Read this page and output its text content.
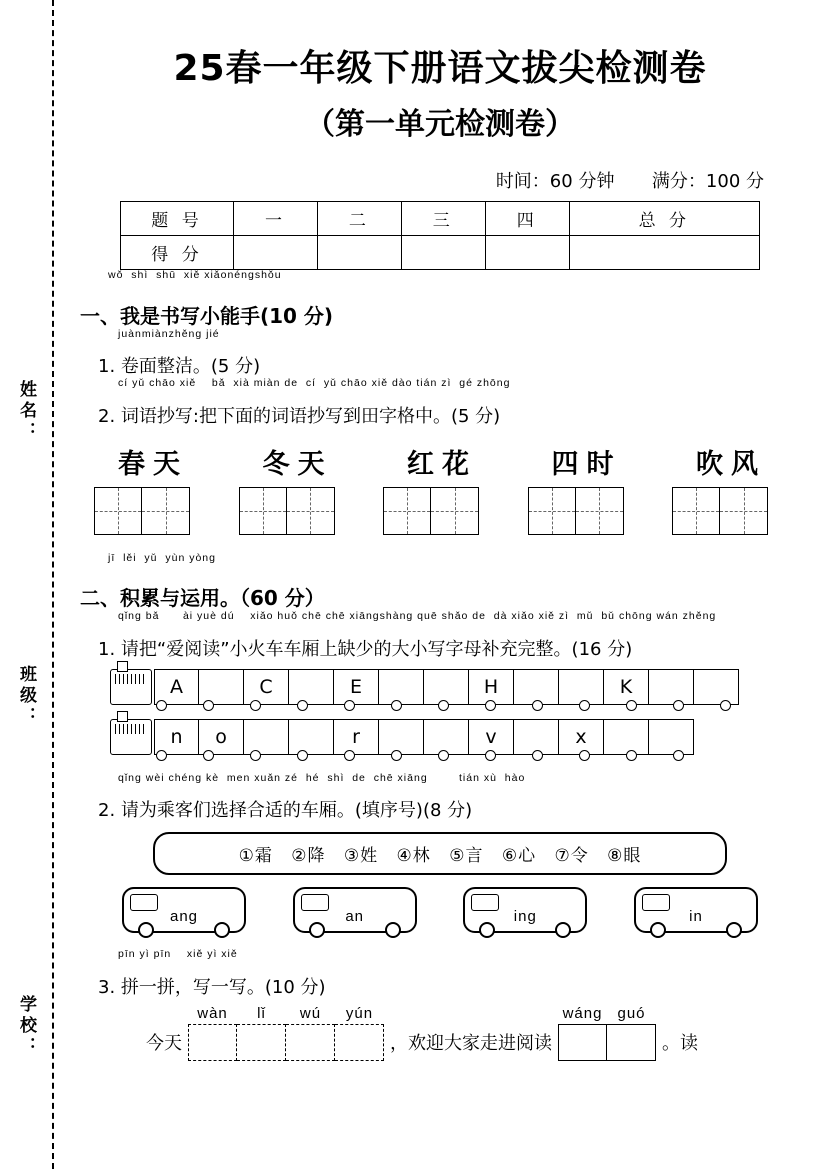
姓名：
班级：
学校：
25春一年级下册语文拔尖检测卷
（第一单元检测卷）
时间：60 分钟 满分：100 分
题 号	一	二	三	四	总 分
得 分					
wǒ  shì  shū  xiě xiǎonéngshǒu
一、我是书写小能手(10 分)
juànmiànzhěng jié
1. 卷面整洁。(5 分)
cí yǔ chāo xiě    bǎ  xià miàn de  cí  yǔ chāo xiě dào tián zì  gé zhōng
2. 词语抄写:把下面的词语抄写到田字格中。(5 分)
春天	冬天	红花	四时	吹风
jī  lěi  yǔ  yùn yòng
二、积累与运用。（60 分）
qǐng bǎ      ài yuè dú    xiǎo huǒ chē chē xiāngshàng quē shǎo de  dà xiǎo xiě zì  mǔ  bǔ chōng wán zhěng
1. 请把“爱阅读”小火车车厢上缺少的大小写字母补充完整。(16 分)
A	C	E	H	K
n	o	r	v	x
qǐng wèi chéng kè  men xuǎn zé  hé  shì  de  chē xiāng        tián xù  hào
2. 请为乘客们选择合适的车厢。(填序号)(8 分)
①霜 ②降 ③姓 ④林 ⑤言 ⑥心 ⑦令 ⑧眼
ang	an	ing	in
pīn yì pīn    xiě yì xiě
3. 拼一拼，写一写。(10 分)
今天
wàn	lǐ	wú	yún
，欢迎大家走进阅读
wáng	guó
。读
